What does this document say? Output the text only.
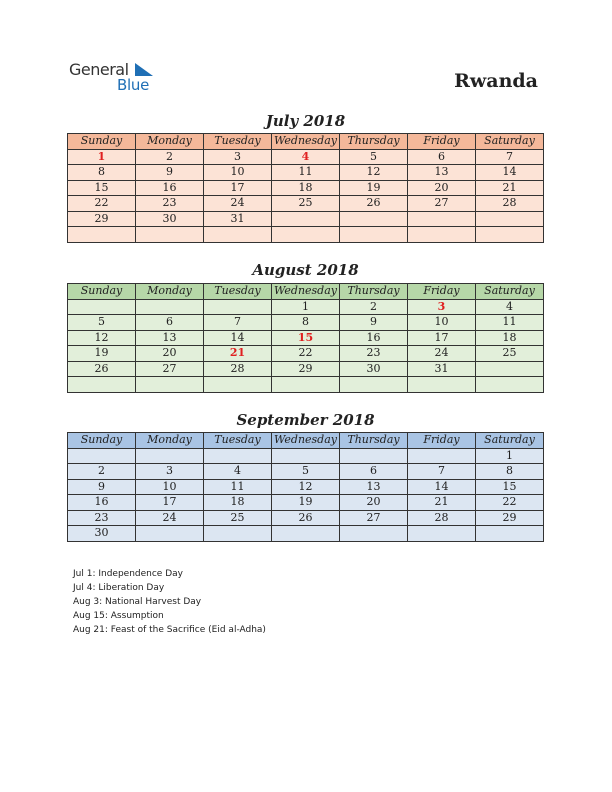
General
Blue	Rwanda
July 2018
Sunday	Monday	Tuesday	Wednesday	Thursday	Friday	Saturday
1	2	3	4	5	6	7
8	9	10	11	12	13	14
15	16	17	18	19	20	21
22	23	24	25	26	27	28
29	30	31				

August 2018
Sunday	Monday	Tuesday	Wednesday	Thursday	Friday	Saturday
			1	2	3	4
5	6	7	8	9	10	11
12	13	14	15	16	17	18
19	20	21	22	23	24	25
26	27	28	29	30	31	

September 2018
Sunday	Monday	Tuesday	Wednesday	Thursday	Friday	Saturday
						1
2	3	4	5	6	7	8
9	10	11	12	13	14	15
16	17	18	19	20	21	22
23	24	25	26	27	28	29
30						
Jul 1: Independence Day
Jul 4: Liberation Day
Aug 3: National Harvest Day
Aug 15: Assumption
Aug 21: Feast of the Sacrifice (Eid al-Adha)
